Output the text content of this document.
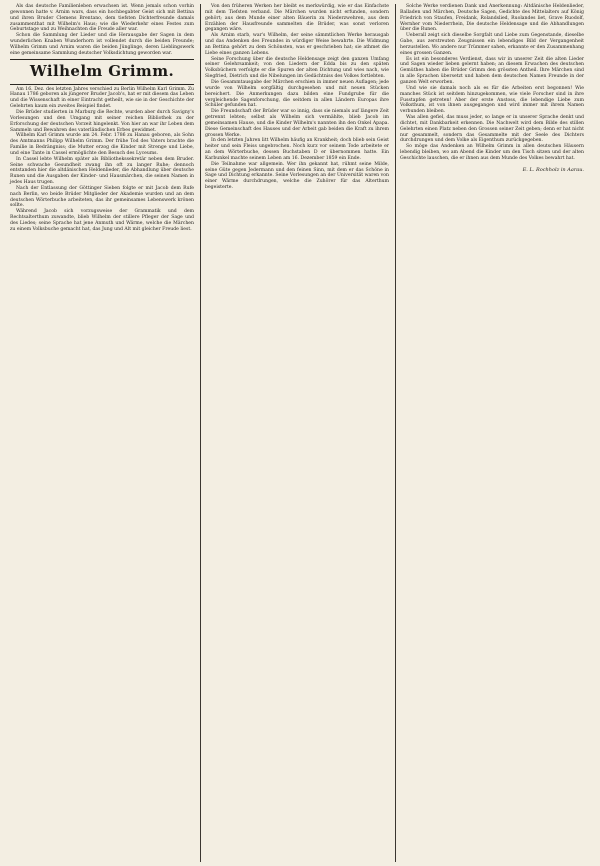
Als das deutsche Familienleben erwachsen ist. Wenn jemals schon vorhin gewonnen hatte v. Arnim wars, dass ein hochbegabter Geist sich mit Bettina und ihren Bruder Clemens Brentano, dem tiefsten Dichterfreunde damals zusammenthat mit Wilhelm's Haus; wie die Wiederkehr eines Festes zum Geburtstage und zu Weihnachten die Freude aller war.

Schon die Sammlung der Lieder und die Herausgabe der Sagen in dem wunderlichen Knaben Wunderhorn ist vollendet durch die beiden Freunde; Wilhelm Grimm und Arnim waren die beiden Jünglinge, deren Lieblingswerk eine gemeinsame Sammlung deutscher Volksdichtung geworden war.

Wilhelm Grimm.

Am 16. Dez. des letzten Jahres verschied zu Berlin Wilhelm Karl Grimm. Zu Hanau 1786 geboren als jüngerer Bruder Jacob's, hat er mit diesem das Leben und die Wissenschaft in einer Eintracht getheilt, wie sie in der Geschichte der Gelehrten kaum ein zweites Beispiel findet.

Die Brüder studierten in Marburg die Rechte, wurden aber durch Savigny's Vorlesungen und den Umgang mit seiner reichen Bibliothek zu der Erforschung der deutschen Vorzeit hingelenkt. Von hier an war ihr Leben dem Sammeln und Bewahren des vaterländischen Erbes gewidmet.

Wilhelm Karl Grimm wurde am 24. Febr. 1786 zu Hanau geboren, als Sohn des Amtmanns Philipp Wilhelm Grimm. Der frühe Tod des Vaters brachte die Familie in Bedrängniss; die Mutter erzog die Kinder mit Strenge und Liebe, und eine Tante in Cassel ermöglichte den Besuch des Lyceums.

In Cassel lebte Wilhelm später als Bibliothekssekretär neben dem Bruder. Seine schwache Gesundheit zwang ihn oft zu langer Ruhe; dennoch entstanden hier die altdänischen Heldenlieder, die Abhandlung über deutsche Runen und die Ausgaben der Kinder- und Hausmärchen, die seinen Namen in jedes Haus trugen.

Nach der Entlassung der Göttinger Sieben folgte er mit Jacob dem Rufe nach Berlin, wo beide Brüder Mitglieder der Akademie wurden und an dem deutschen Wörterbuche arbeiteten, das ihr gemeinsames Lebenswerk krönen sollte.

Während Jacob sich vorzugsweise der Grammatik und dem Rechtsalterthum zuwandte, blieb Wilhelm der stillere Pfleger der Sage und des Liedes; seine Sprache hat jene Anmuth und Wärme, welche die Märchen zu einem Volksbuche gemacht hat, das Jung und Alt mit gleicher Freude liest.

Von den früheren Werken her bleibt es merkwürdig, wie er das Einfachste mit dem Tiefsten verband. Die Märchen wurden nicht erfunden, sondern gehört; aus dem Munde einer alten Bäuerin zu Niederzwehren, aus dem Erzählen der Hausfreunde sammelten die Brüder, was sonst verloren gegangen wäre.

Als Arnim starb, war's Wilhelm, der seine sämmtlichen Werke herausgab und das Andenken des Freundes in würdiger Weise bewahrte. Die Widmung an Bettina gehört zu dem Schönsten, was er geschrieben hat; sie athmet die Liebe eines ganzen Lebens.

Seine Forschung über die deutsche Heldensage zeigt den ganzen Umfang seiner Gelehrsamkeit; von den Liedern der Edda bis zu den späten Volksbüchern verfolgte er die Spuren der alten Dichtung und wies nach, wie Siegfried, Dietrich und die Nibelungen im Gedächtniss des Volkes fortlebten.

Die Gesammtausgabe der Märchen erschien in immer neuen Auflagen; jede wurde von Wilhelm sorgfältig durchgesehen und mit neuen Stücken bereichert. Die Anmerkungen dazu bilden eine Fundgrube für die vergleichende Sagenforschung, die seitdem in allen Ländern Europas ihre Schüler gefunden hat.

Die Freundschaft der Brüder war so innig, dass sie niemals auf längere Zeit getrennt lebten; selbst als Wilhelm sich vermählte, blieb Jacob im gemeinsamen Hause, und die Kinder Wilhelm's nannten ihn den Onkel Apapa. Diese Gemeinschaft des Hauses und der Arbeit gab beiden die Kraft zu ihrem grossen Werke.

In den letzten Jahren litt Wilhelm häufig an Krankheit; doch blieb sein Geist heiter und sein Fleiss ungebrochen. Noch kurz vor seinem Tode arbeitete er an dem Wörterbuche, dessen Buchstaben D er übernommen hatte. Ein Karbunkel machte seinem Leben am 16. Dezember 1859 ein Ende.

Die Teilnahme war allgemein. Wer ihn gekannt hat, rühmt seine Milde, seine Güte gegen Jedermann und den feinen Sinn, mit dem er das Schöne in Sage und Dichtung erkannte. Seine Vorlesungen an der Universität waren von einer Wärme durchdrungen, welche die Zuhörer für das Alterthum begeisterte.

Solche Werke verdienen Dank und Anerkennung: Altdänische Heldenlieder, Balladen und Märchen, Deutsche Sagen, Gedichte des Mittelalters auf König Friedrich von Staufen, Freidank, Rolandslied, Ruolandes liet, Grave Ruodolf, Wernher vom Niederrhein, Die deutsche Heldensage und die Abhandlungen über die Runen.

Ueberall zeigt sich dieselbe Sorgfalt und Liebe zum Gegenstande, dieselbe Gabe, aus zerstreuten Zeugnissen ein lebendiges Bild der Vergangenheit herzustellen. Wo andere nur Trümmer sahen, erkannte er den Zusammenhang eines grossen Ganzen.

Es ist ein besonderes Verdienst, dass wir in unserer Zeit die alten Lieder und Sagen wieder lieben gelernt haben; an diesem Erwachen des deutschen Gemüthes haben die Brüder Grimm den grössten Antheil. Ihre Märchen sind in alle Sprachen übersetzt und haben dem deutschen Namen Freunde in der ganzen Welt erworben.

Und wie sie damals noch als es für die Arbeiten erst begonnen! Wie manches Stück ist seitdem hinzugekommen, wie viele Forscher sind in ihre Fusstapfen getreten! Aber der erste Anstoss, die lebendige Liebe zum Volksthum, ist von ihnen ausgegangen und wird immer mit ihrem Namen verbunden bleiben.

Was allen gefiel, das muss jeder, so lange er in unserer Sprache denkt und dichtet, mit Dankbarkeit erkennen. Die Nachwelt wird dem Bilde des stillen Gelehrten einen Platz neben den Grossen seiner Zeit geben; denn er hat nicht nur gesammelt, sondern das Gesammelte mit der Seele des Dichters durchdrungen und dem Volke als Eigenthum zurückgegeben.

So möge das Andenken an Wilhelm Grimm in allen deutschen Häusern lebendig bleiben, wo am Abend die Kinder um den Tisch sitzen und der alten Geschichte lauschen, die er ihnen aus dem Munde des Volkes bewahrt hat.

E. L. Rochholz in Aarau.
